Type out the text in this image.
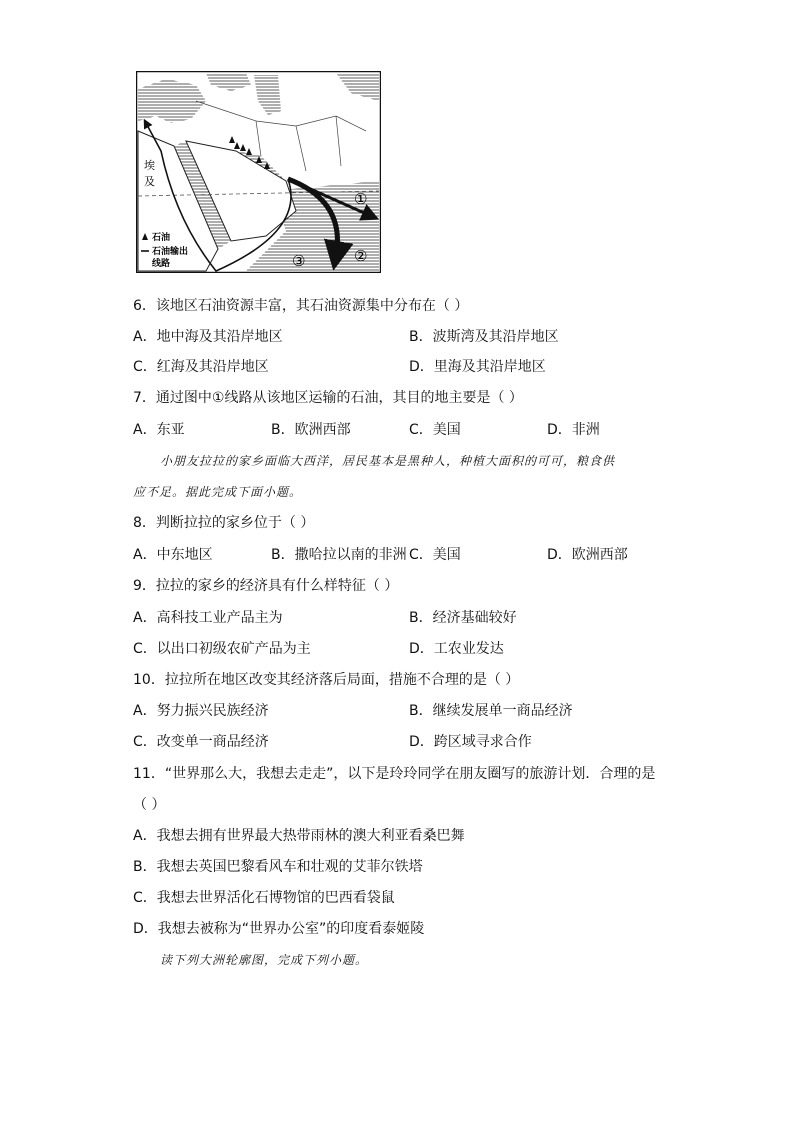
埃
及
①
②
③
石油
石油输出
线路
6．该地区石油资源丰富，其石油资源集中分布在（ ）
A．地中海及其沿岸地区	B．波斯湾及其沿岸地区
C．红海及其沿岸地区	D．里海及其沿岸地区
7．通过图中①线路从该地区运输的石油，其目的地主要是（ ）
A．东亚	B．欧洲西部	C．美国	D．非洲
小朋友拉拉的家乡面临大西洋，居民基本是黑种人，种植大面积的可可，粮食供
应不足。据此完成下面小题。
8．判断拉拉的家乡位于（ ）
A．中东地区	B．撒哈拉以南的非洲 C．美国	D．欧洲西部
9．拉拉的家乡的经济具有什么样特征（ ）
A．高科技工业产品主为	B．经济基础较好
C．以出口初级农矿产品为主	D．工农业发达
10．拉拉所在地区改变其经济落后局面，措施不合理的是（ ）
A．努力振兴民族经济	B．继续发展单一商品经济
C．改变单一商品经济	D．跨区域寻求合作
11．“世界那么大，我想去走走”，以下是玲玲同学在朋友圈写的旅游计划．合理的是
（ ）
A．我想去拥有世界最大热带雨林的澳大利亚看桑巴舞
B．我想去英国巴黎看风车和壮观的艾菲尔铁塔
C．我想去世界活化石博物馆的巴西看袋鼠
D．我想去被称为“世界办公室”的印度看泰姬陵
读下列大洲轮廓图，完成下列小题。
